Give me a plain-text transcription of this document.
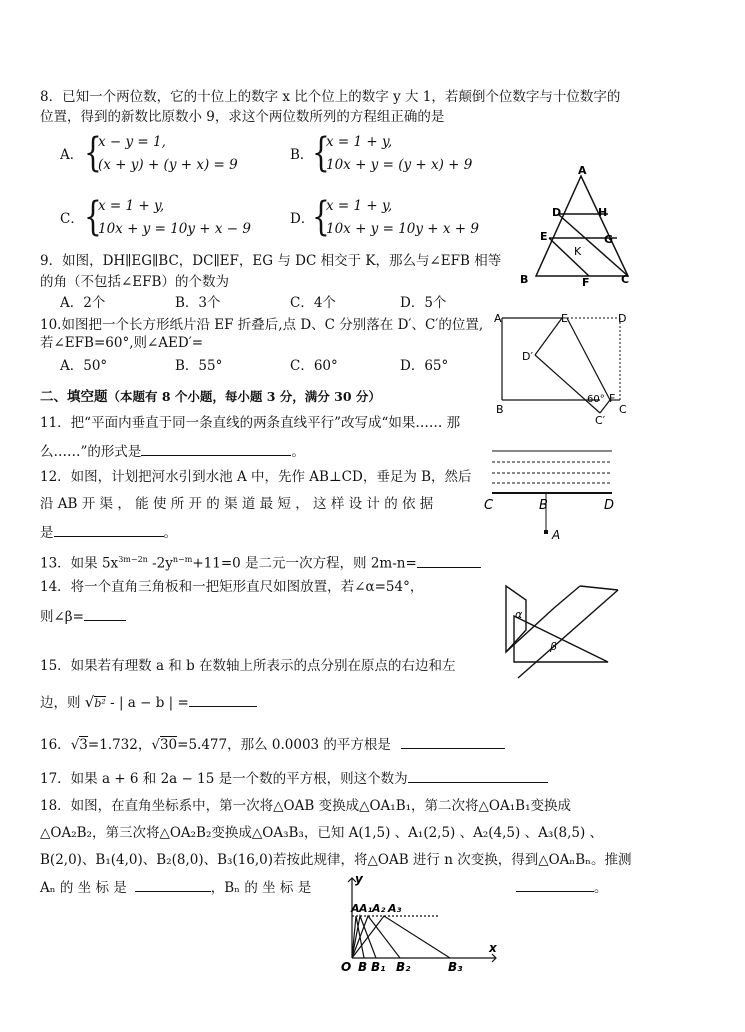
8．已知一个两位数，它的十位上的数字 x 比个位上的数字 y 大 1，若颠倒个位数字与十位数字的
位置，得到的新数比原数小 9，求这个两位数所列的方程组正确的是
A． {
x − y = 1,
(x + y) + (y + x) = 9
B．
{
x = 1 + y,
10x + y = (y + x) + 9
C． {
x = 1 + y,
10x + y = 10y + x − 9
D．
{
x = 1 + y,
10x + y = 10y + x + 9
9．如图，DH∥EG∥BC，DC∥EF，EG 与 DC 相交于 K，那么与∠EFB 相等
的角（不包括∠EFB）的个数为
A．2个	B．3个	C．4个	D．5个
A
D	H
E	G
K
B	F	C
10.如图把一个长方形纸片沿 EF 折叠后,点 D、C 分别落在 D′、C′的位置,
若∠EFB=60°,则∠AED′=
A．50°	B．55°	C．60°	D．65°
A	E	D
D′
60° F
B	C
C′
二、填空题（本题有 8 个小题，每小题 3 分，满分 30 分）
11．把“平面内垂直于同一条直线的两条直线平行”改写成“如果…… 那
么……”的形式是	。
12．如图，计划把河水引到水池 A 中，先作 AB⊥CD，垂足为 B，然后
沿 AB 开 渠 ， 能 使 所 开 的 渠 道 最 短 ， 这 样 设 计 的 依 据
是	。
C	B	D
A
13．如果 $5x^{3m-2n}$ $-2y^{n-m}+11=0$ 是二元一次方程，则 2m-n=
14．将一个直角三角板和一把矩形直尺如图放置，若∠α=54°，
则∠β=	α
β
15．如果若有理数 a 和 b 在数轴上所表示的点分别在原点的右边和左
边，则 √b² - | a − b | =
16．√3=1.732，√30=5.477，那么 0.0003 的平方根是
17．如果 a + 6 和 2a − 15 是一个数的平方根，则这个数为
18．如图，在直角坐标系中，第一次将△OAB 变换成△OA₁B₁，第二次将△OA₁B₁变换成
△OA₂B₂，第三次将△OA₂B₂变换成△OA₃B₃，已知 A(1,5) 、A₁(2,5) 、A₂(4,5) 、A₃(8,5) 、
B(2,0)、B₁(4,0)、B₂(8,0)、B₃(16,0)若按此规律，将△OAB 进行 n 次变换，得到△OAₙBₙ。推测
Aₙ 的 坐 标 是	，Bₙ 的 坐 标 是	。
y
x
A A₁ A₂ A₃
O B B₁ B₂	B₃
